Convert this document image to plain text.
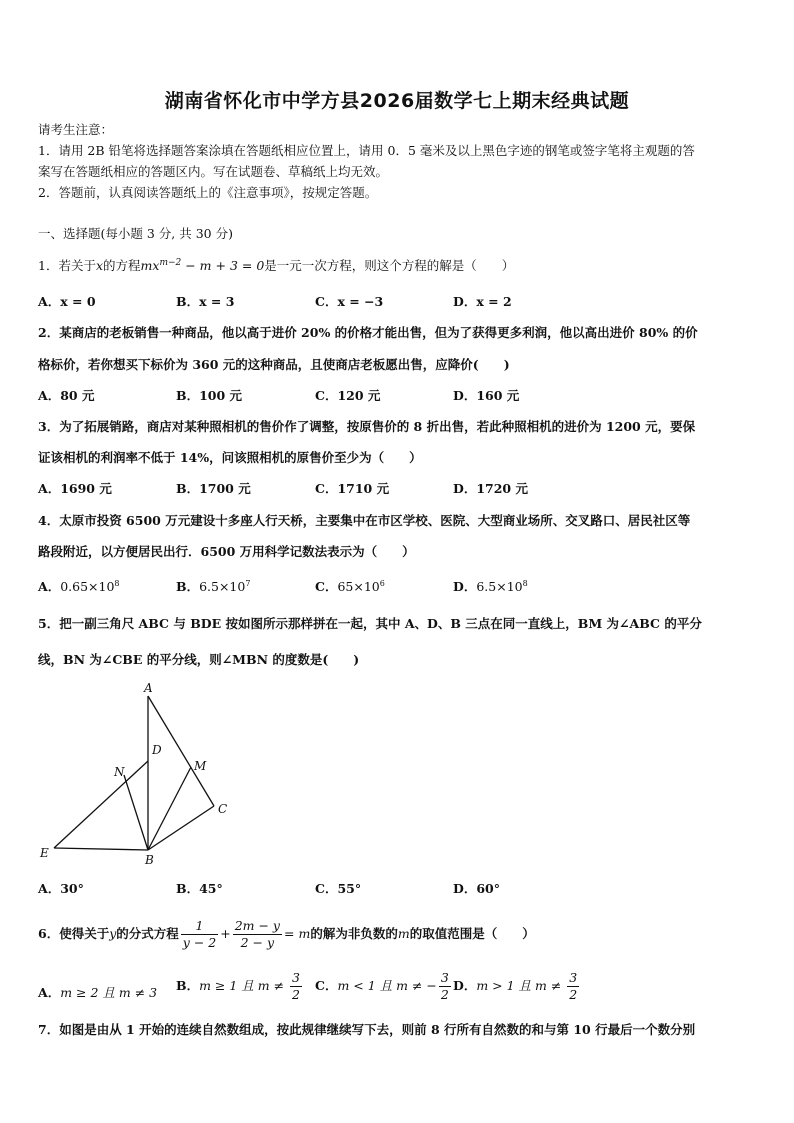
湖南省怀化市中学方县2026届数学七上期末经典试题
请考生注意：
1．请用 2B 铅笔将选择题答案涂填在答题纸相应位置上，请用 0．5 毫米及以上黑色字迹的钢笔或签字笔将主观题的答
案写在答题纸相应的答题区内。写在试题卷、草稿纸上均无效。
2．答题前，认真阅读答题纸上的《注意事项》，按规定答题。
一、选择题(每小题 3 分, 共 30 分)
1．若关于x的方程$mx^{m-2} - m + 3 = 0$是一元一次方程，则这个方程的解是（　　）
A．x = 0	B．x = 3	C．x = −3	D．x = 2
2．某商店的老板销售一种商品，他以高于进价 20% 的价格才能出售，但为了获得更多利润，他以高出进价 80% 的价
格标价，若你想买下标价为 360 元的这种商品，且使商店老板愿出售，应降价(　　)
A．80 元	B．100 元	C．120 元	D．160 元
3．为了拓展销路，商店对某种照相机的售价作了调整，按原售价的 8 折出售，若此种照相机的进价为 1200 元，要保
证该相机的利润率不低于 14%，问该照相机的原售价至少为（　　）
A．1690 元	B．1700 元	C．1710 元	D．1720 元
4．太原市投资 6500 万元建设十多座人行天桥，主要集中在市区学校、医院、大型商业场所、交叉路口、居民社区等
路段附近，以方便居民出行．6500 万用科学记数法表示为（　　）
A．$0.65\times 10^8$	B．$6.5\times 10^7$	C．$65\times 10^6$	D．$6.5\times 10^8$
5．把一副三角尺 ABC 与 BDE 按如图所示那样拼在一起，其中 A、D、B 三点在同一直线上，BM 为∠ABC 的平分
线，BN 为∠CBE 的平分线，则∠MBN 的度数是(　　)
A
D
N	M
C
E	B
A．30°	B．45°	C．55°	D．60°
6．使得关于y的分式方程 $\frac{1}{y - 2} + \frac{2m - y}{2 - y} = m$的解为非负数的m的取值范围是（　　）
A．m ≥ 2 且 m ≠ 3 B．m ≥ 1 且 $m \ne \frac{3}{2}$ C．m < 1 且 m ≠ − $\frac{3}{2}$ D．m > 1 且 $m \ne \frac{3}{2}$
7．如图是由从 1 开始的连续自然数组成，按此规律继续写下去，则前 8 行所有自然数的和与第 10 行最后一个数分别
